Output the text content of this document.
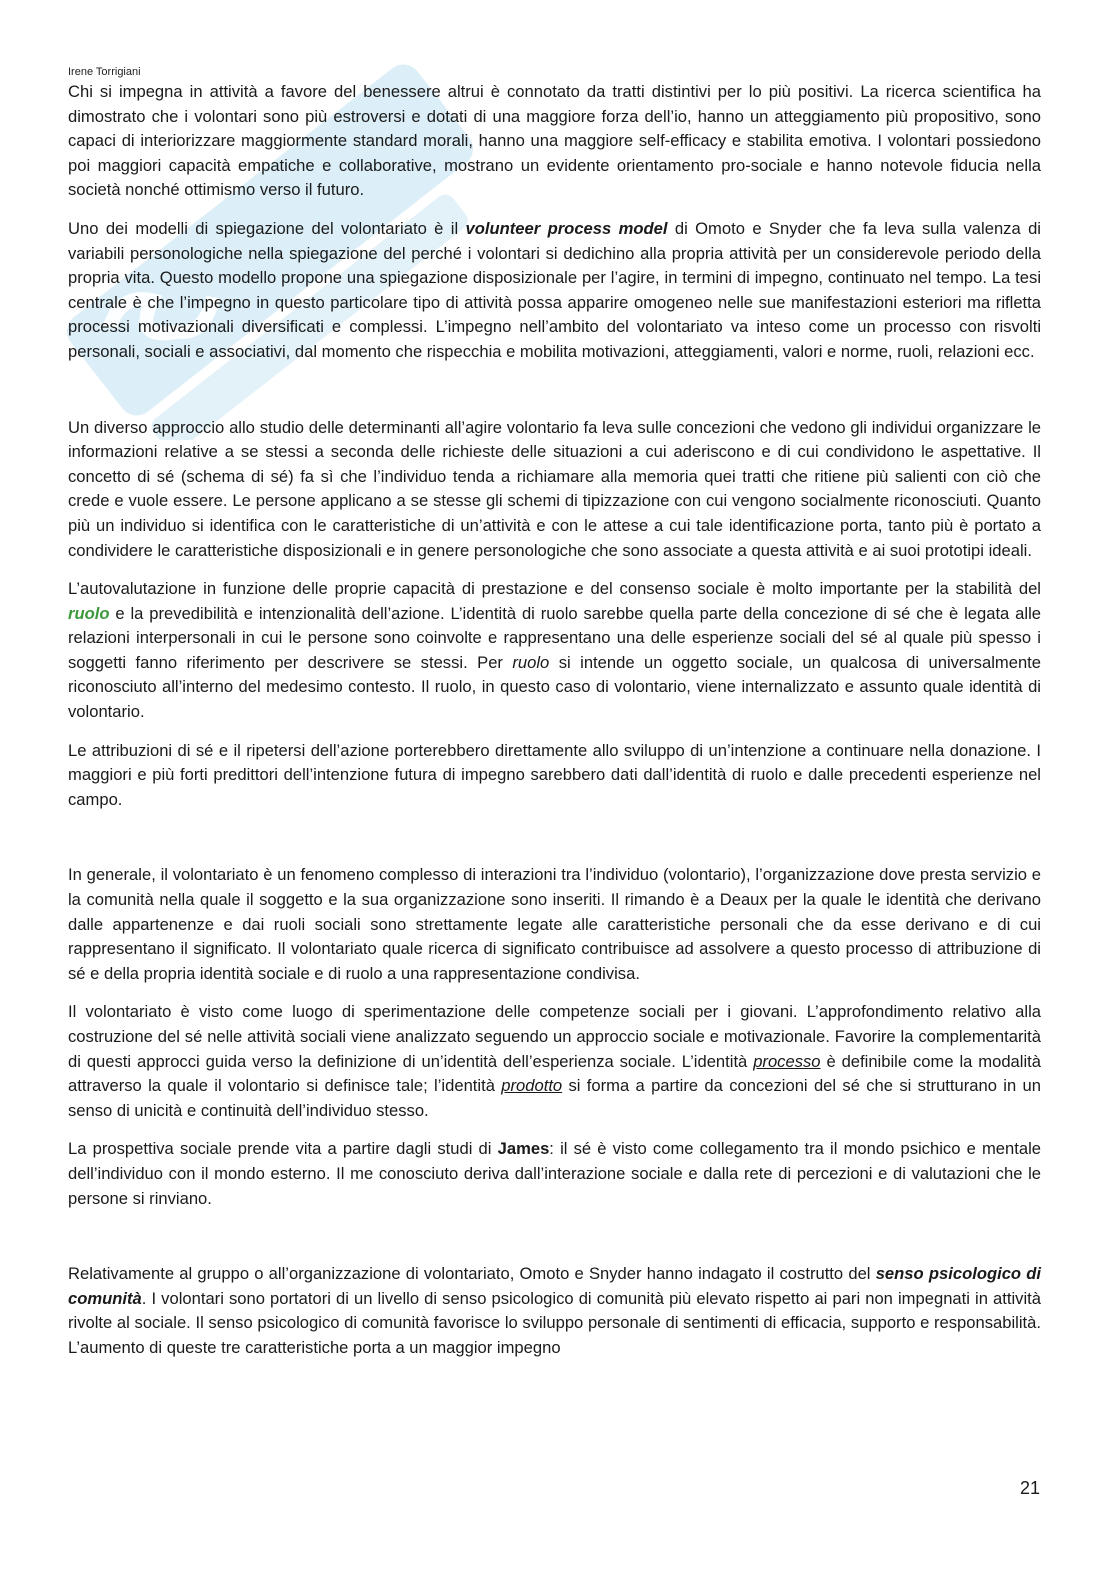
Irene Torrigiani

Chi si impegna in attività a favore del benessere altrui è connotato da tratti distintivi per lo più positivi. La ricerca scientifica ha dimostrato che i volontari sono più estroversi e dotati di una maggiore forza dell’io, hanno un atteggiamento più propositivo, sono capaci di interiorizzare maggiormente standard morali, hanno una maggiore self-efficacy e stabilita emotiva. I volontari possiedono poi maggiori capacità empatiche e collaborative, mostrano un evidente orientamento pro-sociale e hanno notevole fiducia nella società nonché ottimismo verso il futuro.

Uno dei modelli di spiegazione del volontariato è il volunteer process model di Omoto e Snyder che fa leva sulla valenza di variabili personologiche nella spiegazione del perché i volontari si dedichino alla propria attività per un considerevole periodo della propria vita. Questo modello propone una spiegazione disposizionale per l’agire, in termini di impegno, continuato nel tempo. La tesi centrale è che l’impegno in questo particolare tipo di attività possa apparire omogeneo nelle sue manifestazioni esteriori ma rifletta processi motivazionali diversificati e complessi. L’impegno nell’ambito del volontariato va inteso come un processo con risvolti personali, sociali e associativi, dal momento che rispecchia e mobilita motivazioni, atteggiamenti, valori e norme, ruoli, relazioni ecc.

Un diverso approccio allo studio delle determinanti all’agire volontario fa leva sulle concezioni che vedono gli individui organizzare le informazioni relative a se stessi a seconda delle richieste delle situazioni a cui aderiscono e di cui condividono le aspettative. Il concetto di sé (schema di sé) fa sì che l’individuo tenda a richiamare alla memoria quei tratti che ritiene più salienti con ciò che crede e vuole essere. Le persone applicano a se stesse gli schemi di tipizzazione con cui vengono socialmente riconosciuti. Quanto più un individuo si identifica con le caratteristiche di un’attività e con le attese a cui tale identificazione porta, tanto più è portato a condividere le caratteristiche disposizionali e in genere personologiche che sono associate a questa attività e ai suoi prototipi ideali.

L’autovalutazione in funzione delle proprie capacità di prestazione e del consenso sociale è molto importante per la stabilità del ruolo e la prevedibilità e intenzionalità dell’azione. L’identità di ruolo sarebbe quella parte della concezione di sé che è legata alle relazioni interpersonali in cui le persone sono coinvolte e rappresentano una delle esperienze sociali del sé al quale più spesso i soggetti fanno riferimento per descrivere se stessi. Per ruolo si intende un oggetto sociale, un qualcosa di universalmente riconosciuto all’interno del medesimo contesto. Il ruolo, in questo caso di volontario, viene internalizzato e assunto quale identità di volontario.

Le attribuzioni di sé e il ripetersi dell’azione porterebbero direttamente allo sviluppo di un’intenzione a continuare nella donazione. I maggiori e più forti predittori dell’intenzione futura di impegno sarebbero dati dall’identità di ruolo e dalle precedenti esperienze nel campo.

In generale, il volontariato è un fenomeno complesso di interazioni tra l’individuo (volontario), l’organizzazione dove presta servizio e la comunità nella quale il soggetto e la sua organizzazione sono inseriti. Il rimando è a Deaux per la quale le identità che derivano dalle appartenenze e dai ruoli sociali sono strettamente legate alle caratteristiche personali che da esse derivano e di cui rappresentano il significato. Il volontariato quale ricerca di significato contribuisce ad assolvere a questo processo di attribuzione di sé e della propria identità sociale e di ruolo a una rappresentazione condivisa.

Il volontariato è visto come luogo di sperimentazione delle competenze sociali per i giovani. L’approfondimento relativo alla costruzione del sé nelle attività sociali viene analizzato seguendo un approccio sociale e motivazionale. Favorire la complementarità di questi approcci guida verso la definizione di un’identità dell’esperienza sociale. L’identità processo è definibile come la modalità attraverso la quale il volontario si definisce tale; l’identità prodotto si forma a partire da concezioni del sé che si strutturano in un senso di unicità e continuità dell’individuo stesso.

La prospettiva sociale prende vita a partire dagli studi di James: il sé è visto come collegamento tra il mondo psichico e mentale dell’individuo con il mondo esterno. Il me conosciuto deriva dall’interazione sociale e dalla rete di percezioni e di valutazioni che le persone si rinviano.

Relativamente al gruppo o all’organizzazione di volontariato, Omoto e Snyder hanno indagato il costrutto del senso psicologico di comunità. I volontari sono portatori di un livello di senso psicologico di comunità più elevato rispetto ai pari non impegnati in attività rivolte al sociale. Il senso psicologico di comunità favorisce lo sviluppo personale di sentimenti di efficacia, supporto e responsabilità. L’aumento di queste tre caratteristiche porta a un maggior impegno

21
